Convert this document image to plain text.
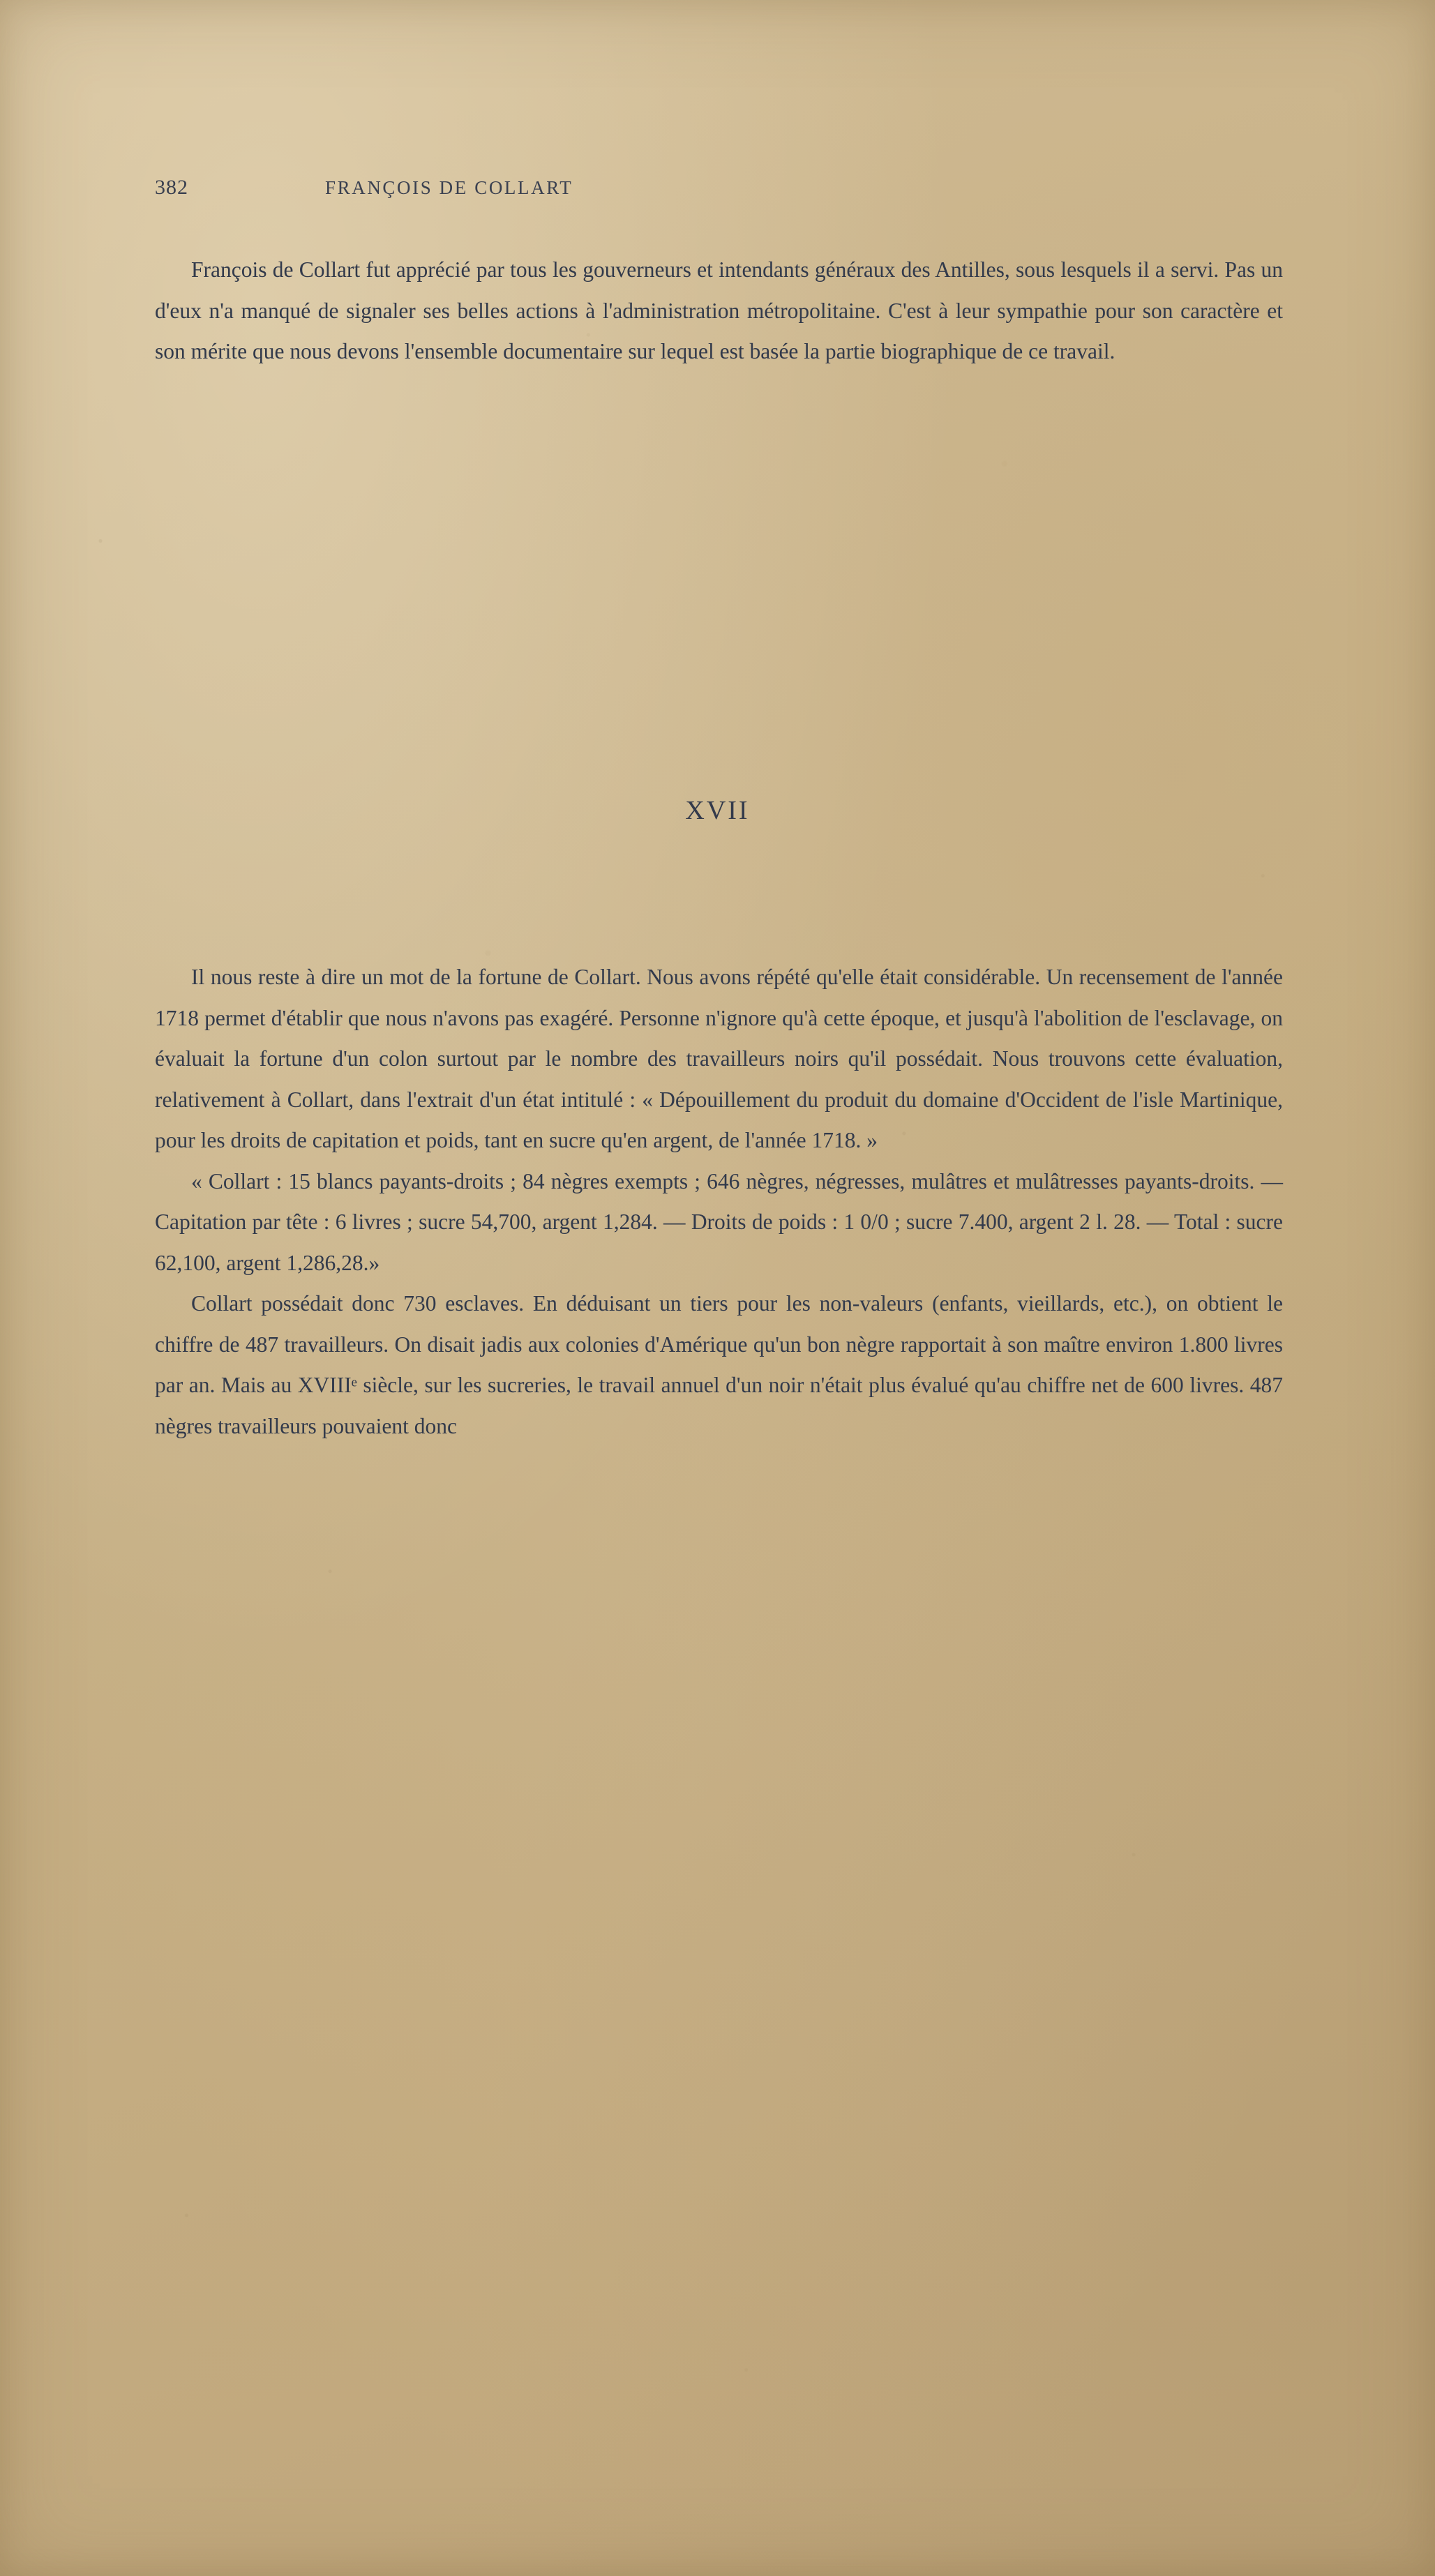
382	FRANÇOIS DE COLLART

François de Collart fut apprécié par tous les gouverneurs et intendants généraux des Antilles, sous lesquels il a servi. Pas un d'eux n'a manqué de signaler ses belles actions à l'administration métropolitaine. C'est à leur sympathie pour son caractère et son mérite que nous devons l'ensemble documentaire sur lequel est basée la partie biographique de ce travail.

XVII

Il nous reste à dire un mot de la fortune de Collart. Nous avons répété qu'elle était considérable. Un recensement de l'année 1718 permet d'établir que nous n'avons pas exagéré. Personne n'ignore qu'à cette époque, et jusqu'à l'abolition de l'esclavage, on évaluait la fortune d'un colon surtout par le nombre des travailleurs noirs qu'il possédait. Nous trouvons cette évaluation, relativement à Collart, dans l'extrait d'un état intitulé : « Dépouillement du produit du domaine d'Occident de l'isle Martinique, pour les droits de capitation et poids, tant en sucre qu'en argent, de l'année 1718. »

« Collart : 15 blancs payants-droits ; 84 nègres exempts ; 646 nègres, négresses, mulâtres et mulâtresses payants-droits. — Capitation par tête : 6 livres ; sucre 54,700, argent 1,284. — Droits de poids : 1 0/0 ; sucre 7.400, argent 2 l. 28. — Total : sucre 62,100, argent 1,286,28.»

Collart possédait donc 730 esclaves. En déduisant un tiers pour les non-valeurs (enfants, vieillards, etc.), on obtient le chiffre de 487 travailleurs. On disait jadis aux colonies d'Amérique qu'un bon nègre rapportait à son maître environ 1.800 livres par an. Mais au XVIIIᵉ siècle, sur les sucreries, le travail annuel d'un noir n'était plus évalué qu'au chiffre net de 600 livres. 487 nègres travailleurs pouvaient donc
